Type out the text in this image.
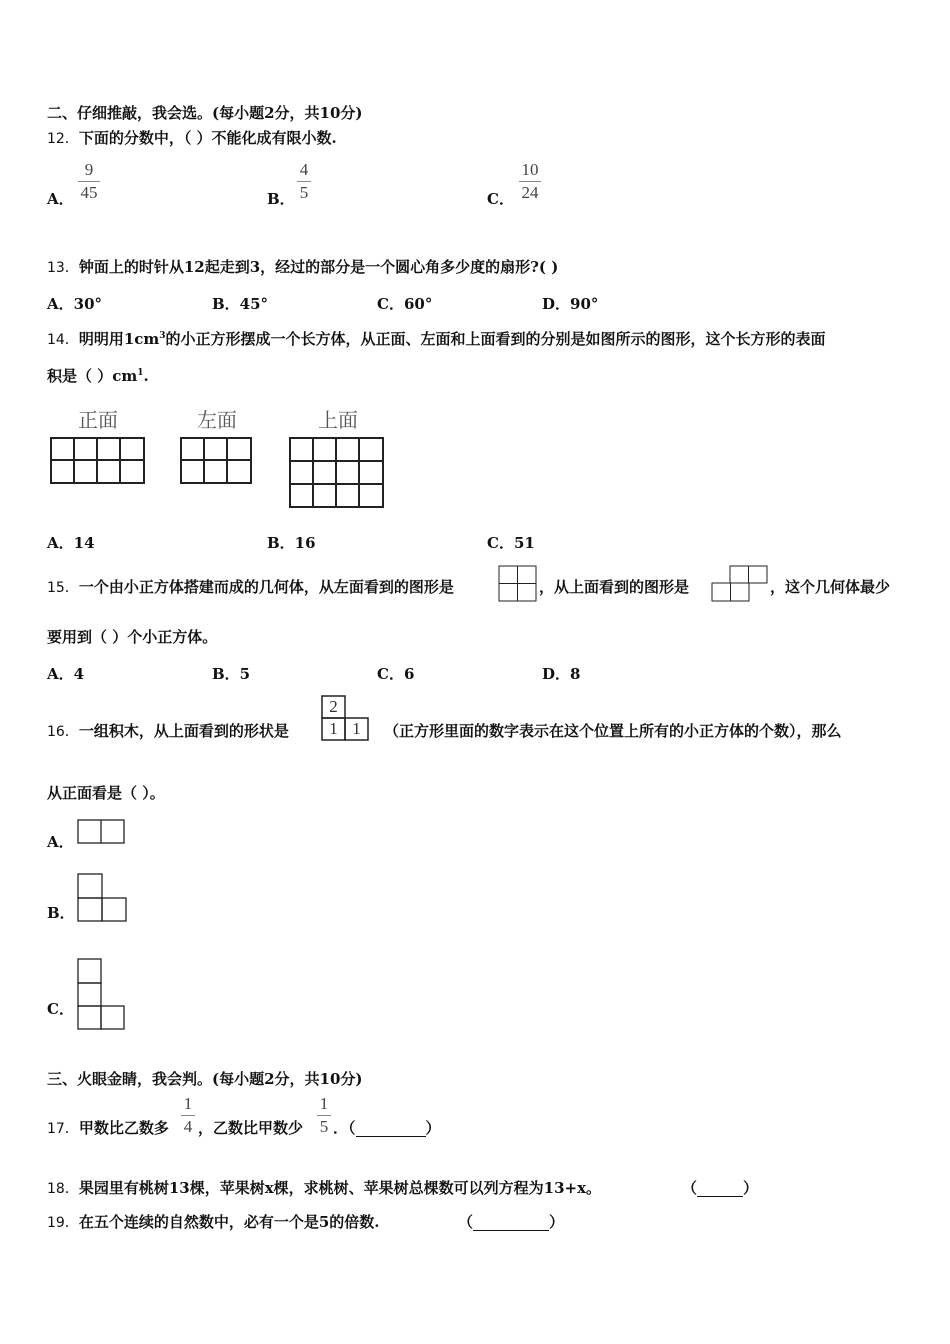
二、仔细推敲，我会选。(每小题2分，共10分)
12．下面的分数中，（ ）不能化成有限小数.
A．
9
45	B．
4
5	C．
10
24
13．钟面上的时针从12起走到3，经过的部分是一个圆心角多少度的扇形?( )
A．30°	B．45°	C．60°	D．90°
14．明明用$1cm^3$的小正方形摆成一个长方体，从正面、左面和上面看到的分别是如图所示的图形，这个长方形的表面
积是（ ）$cm^1$.
正面	左面	上面
A．14	B．16	C．51
15．一个由小正方体搭建而成的几何体，从左面看到的图形是	，从上面看到的图形是	，这个几何体最少
要用到（ ）个小正方体。
A．4	B．5	C．6	D．8
16．一组积木，从上面看到的形状是
2
1 1	（正方形里面的数字表示在这个位置上所有的小正方体的个数），那么
从正面看是（ ）。
A．
B．
C．
三、火眼金睛，我会判。(每小题2分，共10分)
17．甲数比乙数多
1
4 ，乙数比甲数少
1
5 ．（	）
18．果园里有桃树13棵，苹果树x棵，求桃树、苹果树总棵数可以列方程为13+x。	（	）
19．在五个连续的自然数中，必有一个是5的倍数.	（	）
